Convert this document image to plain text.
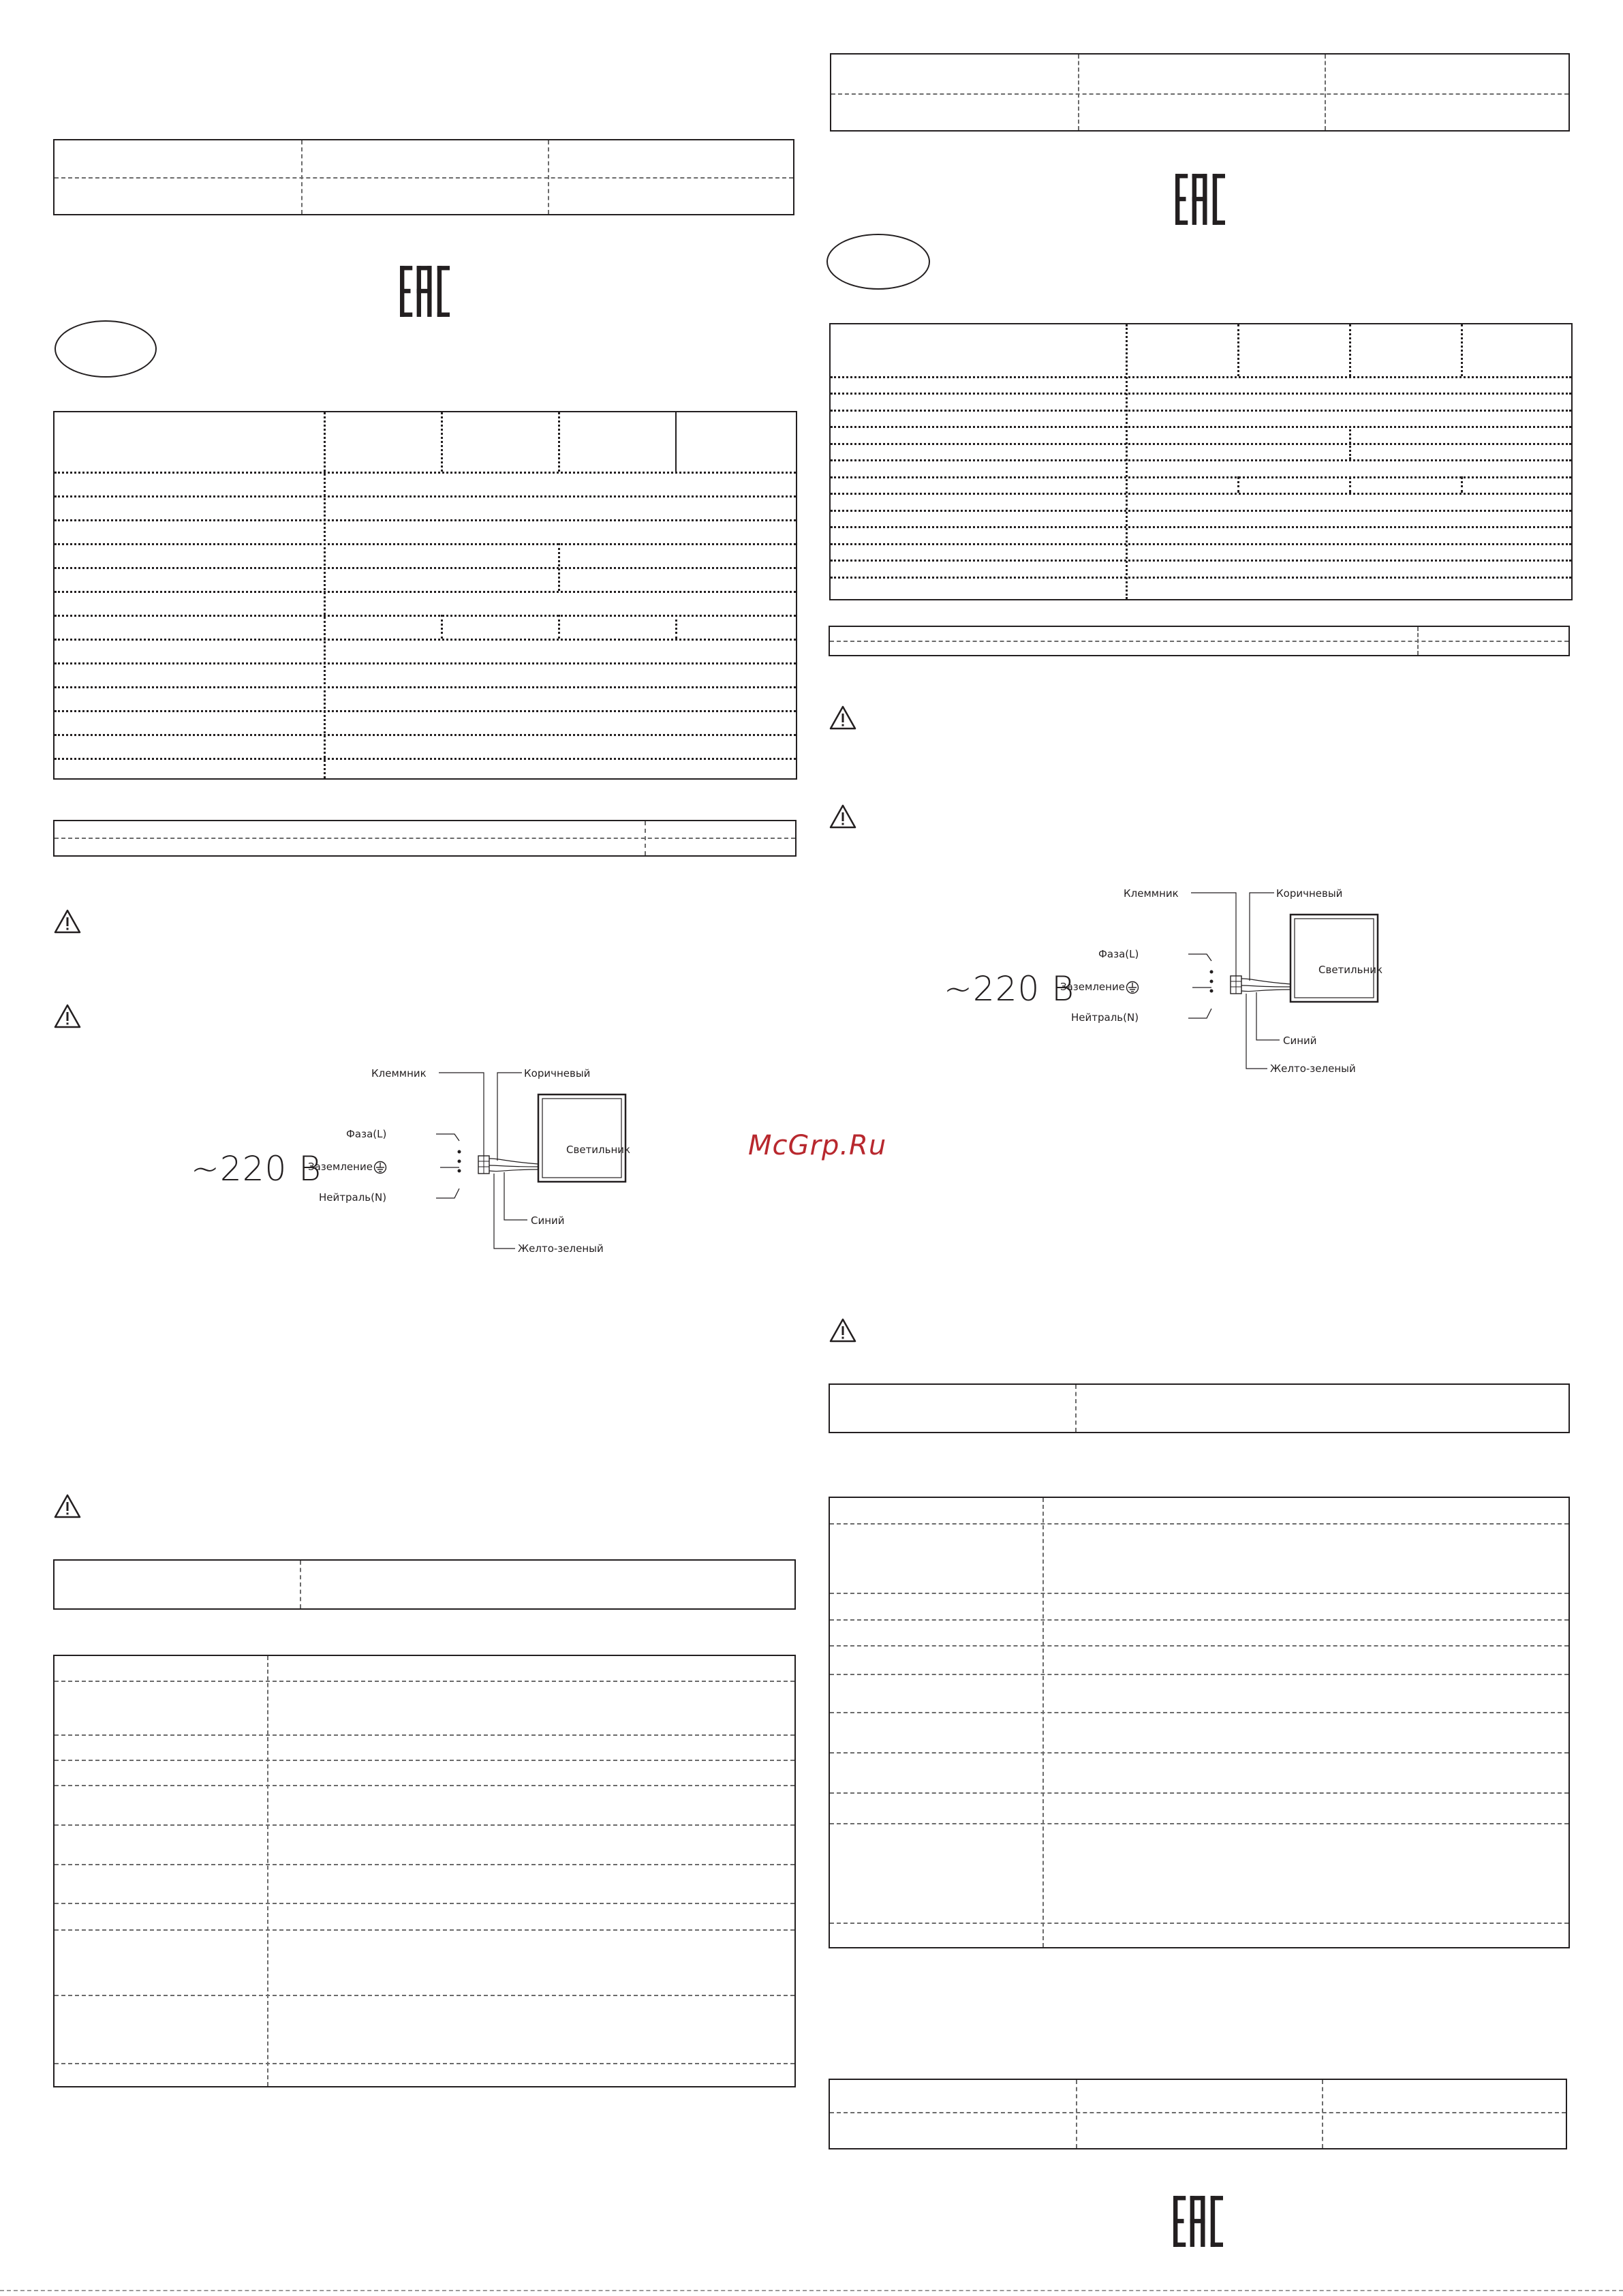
~220 В
Клеммник	Коричневый
Фаза(L)
Заземление
Нейтраль(N)
Синий
Желто-зеленый
Светильник
~220 В
Клеммник	Коричневый
Фаза(L)
Заземление
Нейтраль(N)
Синий
Желто-зеленый
Светильник
McGrp.Ru
